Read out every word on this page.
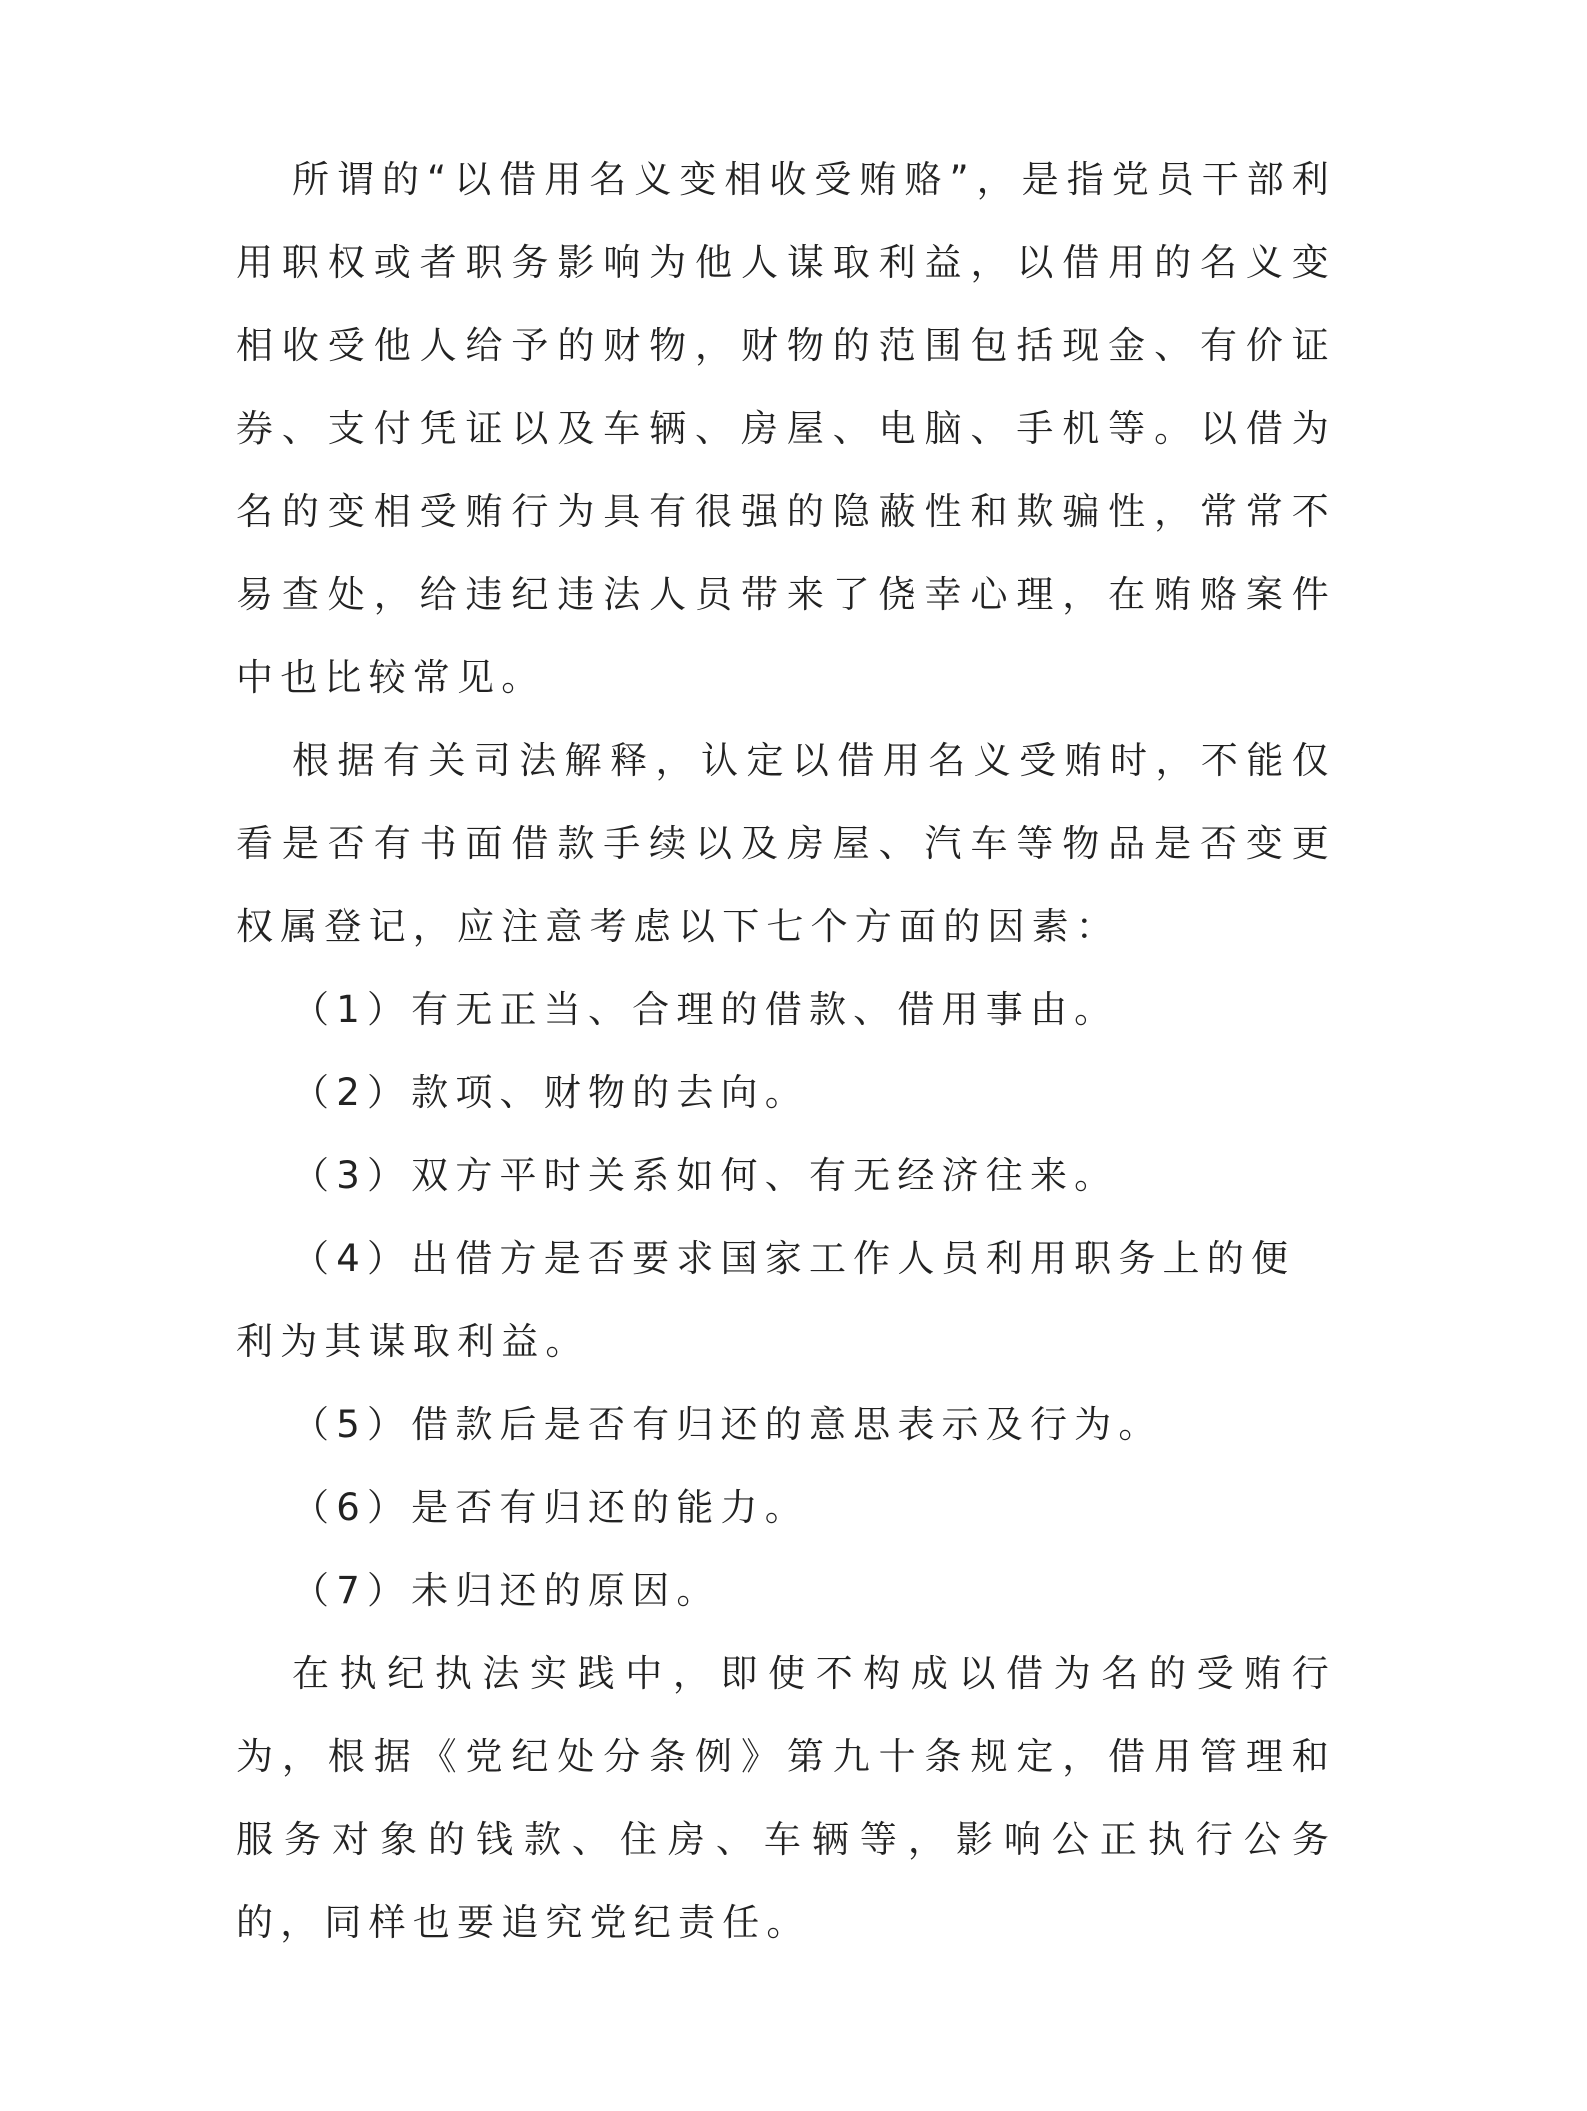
所谓的“以借用名义变相收受贿赂”，是指党员干部利用职权或者职务影响为他人谋取利益，以借用的名义变相收受他人给予的财物，财物的范围包括现金、有价证券、支付凭证以及车辆、房屋、电脑、手机等。以借为名的变相受贿行为具有很强的隐蔽性和欺骗性，常常不易查处，给违纪违法人员带来了侥幸心理，在贿赂案件中也比较常见。

根据有关司法解释，认定以借用名义受贿时，不能仅看是否有书面借款手续以及房屋、汽车等物品是否变更权属登记，应注意考虑以下七个方面的因素：

（1）有无正当、合理的借款、借用事由。

（2）款项、财物的去向。

（3）双方平时关系如何、有无经济往来。

（4）出借方是否要求国家工作人员利用职务上的便利为其谋取利益。

（5）借款后是否有归还的意思表示及行为。

（6）是否有归还的能力。

（7）未归还的原因。

在执纪执法实践中，即使不构成以借为名的受贿行为，根据《党纪处分条例》第九十条规定，借用管理和服务对象的钱款、住房、车辆等，影响公正执行公务的，同样也要追究党纪责任。
